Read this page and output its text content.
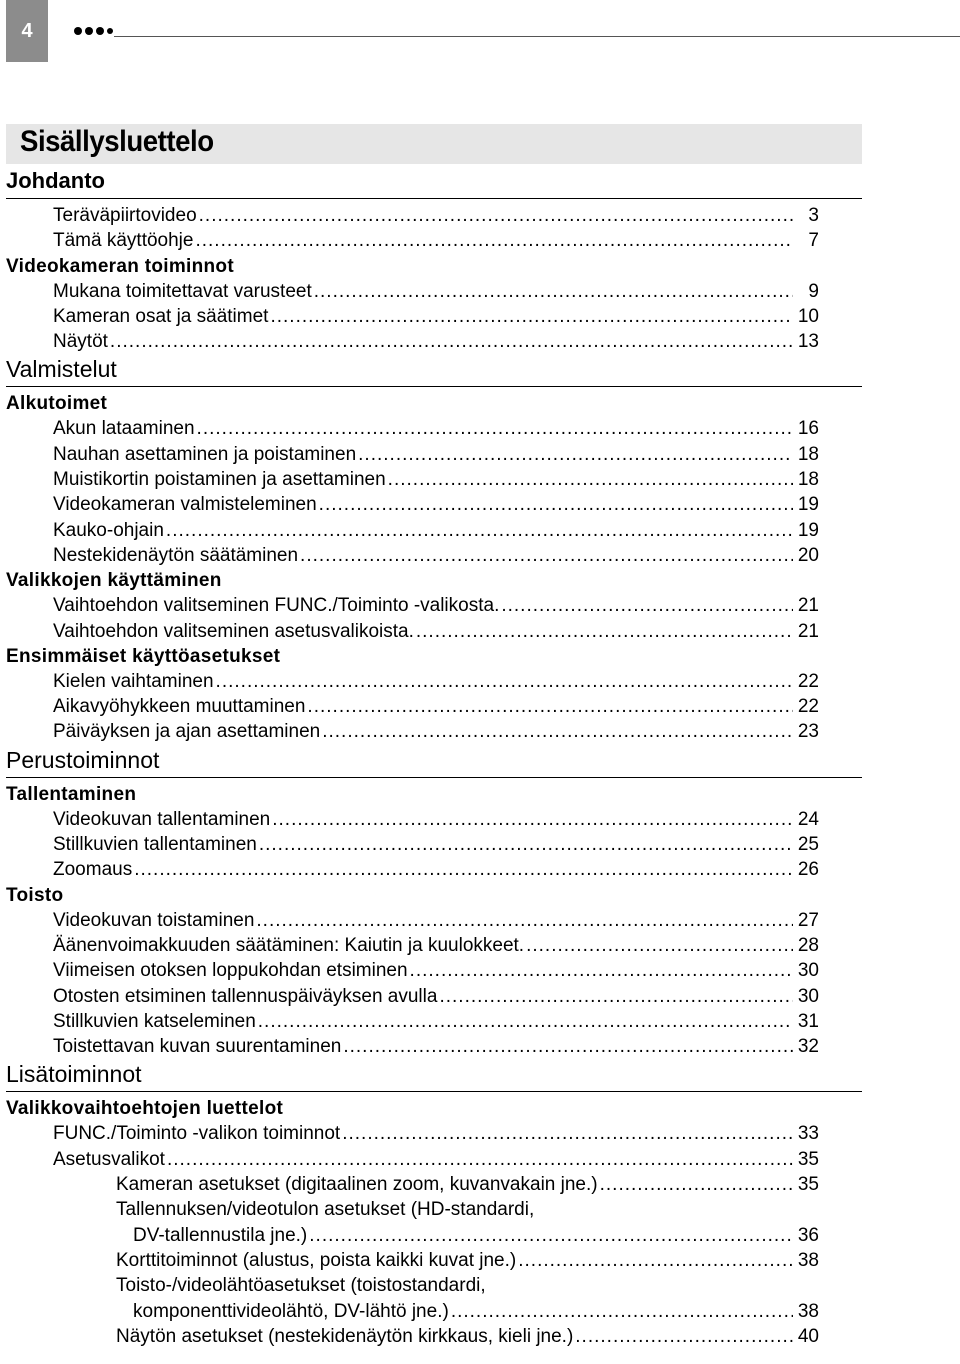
4
Sisällysluettelo
Johdanto
Teräväpiirtovideo .....	3
Tämä käyttöohje .....	7
Videokameran toiminnot
Mukana toimitettavat varusteet .....	9
Kameran osat ja säätimet .....	10
Näytöt .....	13
Valmistelut
Alkutoimet
Akun lataaminen .....	16
Nauhan asettaminen ja poistaminen .....	18
Muistikortin poistaminen ja asettaminen .....	18
Videokameran valmisteleminen .....	19
Kauko-ohjain .....	19
Nestekidenäytön säätäminen .....	20
Valikkojen käyttäminen
Vaihtoehdon valitseminen FUNC./Toiminto -valikosta. .....	21
Vaihtoehdon valitseminen asetusvalikoista. .....	21
Ensimmäiset käyttöasetukset
Kielen vaihtaminen .....	22
Aikavyöhykkeen muuttaminen .....	22
Päiväyksen ja ajan asettaminen .....	23
Perustoiminnot
Tallentaminen
Videokuvan tallentaminen .....	24
Stillkuvien tallentaminen .....	25
Zoomaus .....	26
Toisto
Videokuvan toistaminen .....	27
Äänenvoimakkuuden säätäminen: Kaiutin ja kuulokkeet. .....	28
Viimeisen otoksen loppukohdan etsiminen .....	30
Otosten etsiminen tallennuspäiväyksen avulla .....	30
Stillkuvien katseleminen .....	31
Toistettavan kuvan suurentaminen .....	32
Lisätoiminnot
Valikkovaihtoehtojen luettelot
FUNC./Toiminto -valikon toiminnot .....	33
Asetusvalikot .....	35
Kameran asetukset (digitaalinen zoom, kuvanvakain jne.) .....	35
Tallennuksen/videotulon asetukset (HD-standardi,
DV-tallennustila jne.) .....	36
Korttitoiminnot (alustus, poista kaikki kuvat jne.) .....	38
Toisto-/videolähtöasetukset (toistostandardi,
komponenttivideolähtö, DV-lähtö jne.) .....	38
Näytön asetukset (nestekidenäytön kirkkaus, kieli jne.) .....	40
